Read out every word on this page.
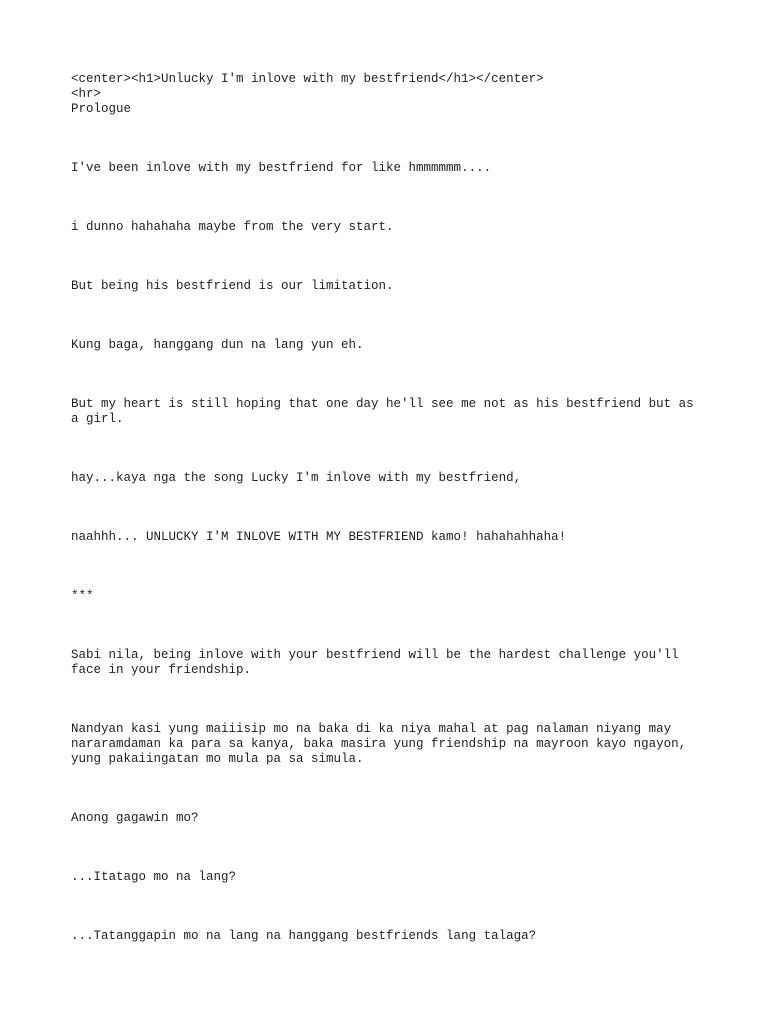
<center><h1>Unlucky I'm inlove with my bestfriend</h1></center>
<hr>
Prologue

I've been inlove with my bestfriend for like hmmmmmm....

i dunno hahahaha maybe from the very start.

But being his bestfriend is our limitation.

Kung baga, hanggang dun na lang yun eh.

But my heart is still hoping that one day he'll see me not as his bestfriend but as a girl.

hay...kaya nga the song Lucky I'm inlove with my bestfriend,

naahhh... UNLUCKY I'M INLOVE WITH MY BESTFRIEND kamo! hahahahhaha!

***

Sabi nila, being inlove with your bestfriend will be the hardest challenge you'll face in your friendship.

Nandyan kasi yung maiiisip mo na baka di ka niya mahal at pag nalaman niyang may nararamdaman ka para sa kanya, baka masira yung friendship na mayroon kayo ngayon, yung pakaiingatan mo mula pa sa simula.

Anong gagawin mo?

...Itatago mo na lang?

...Tatanggapin mo na lang na hanggang bestfriends lang talaga?
